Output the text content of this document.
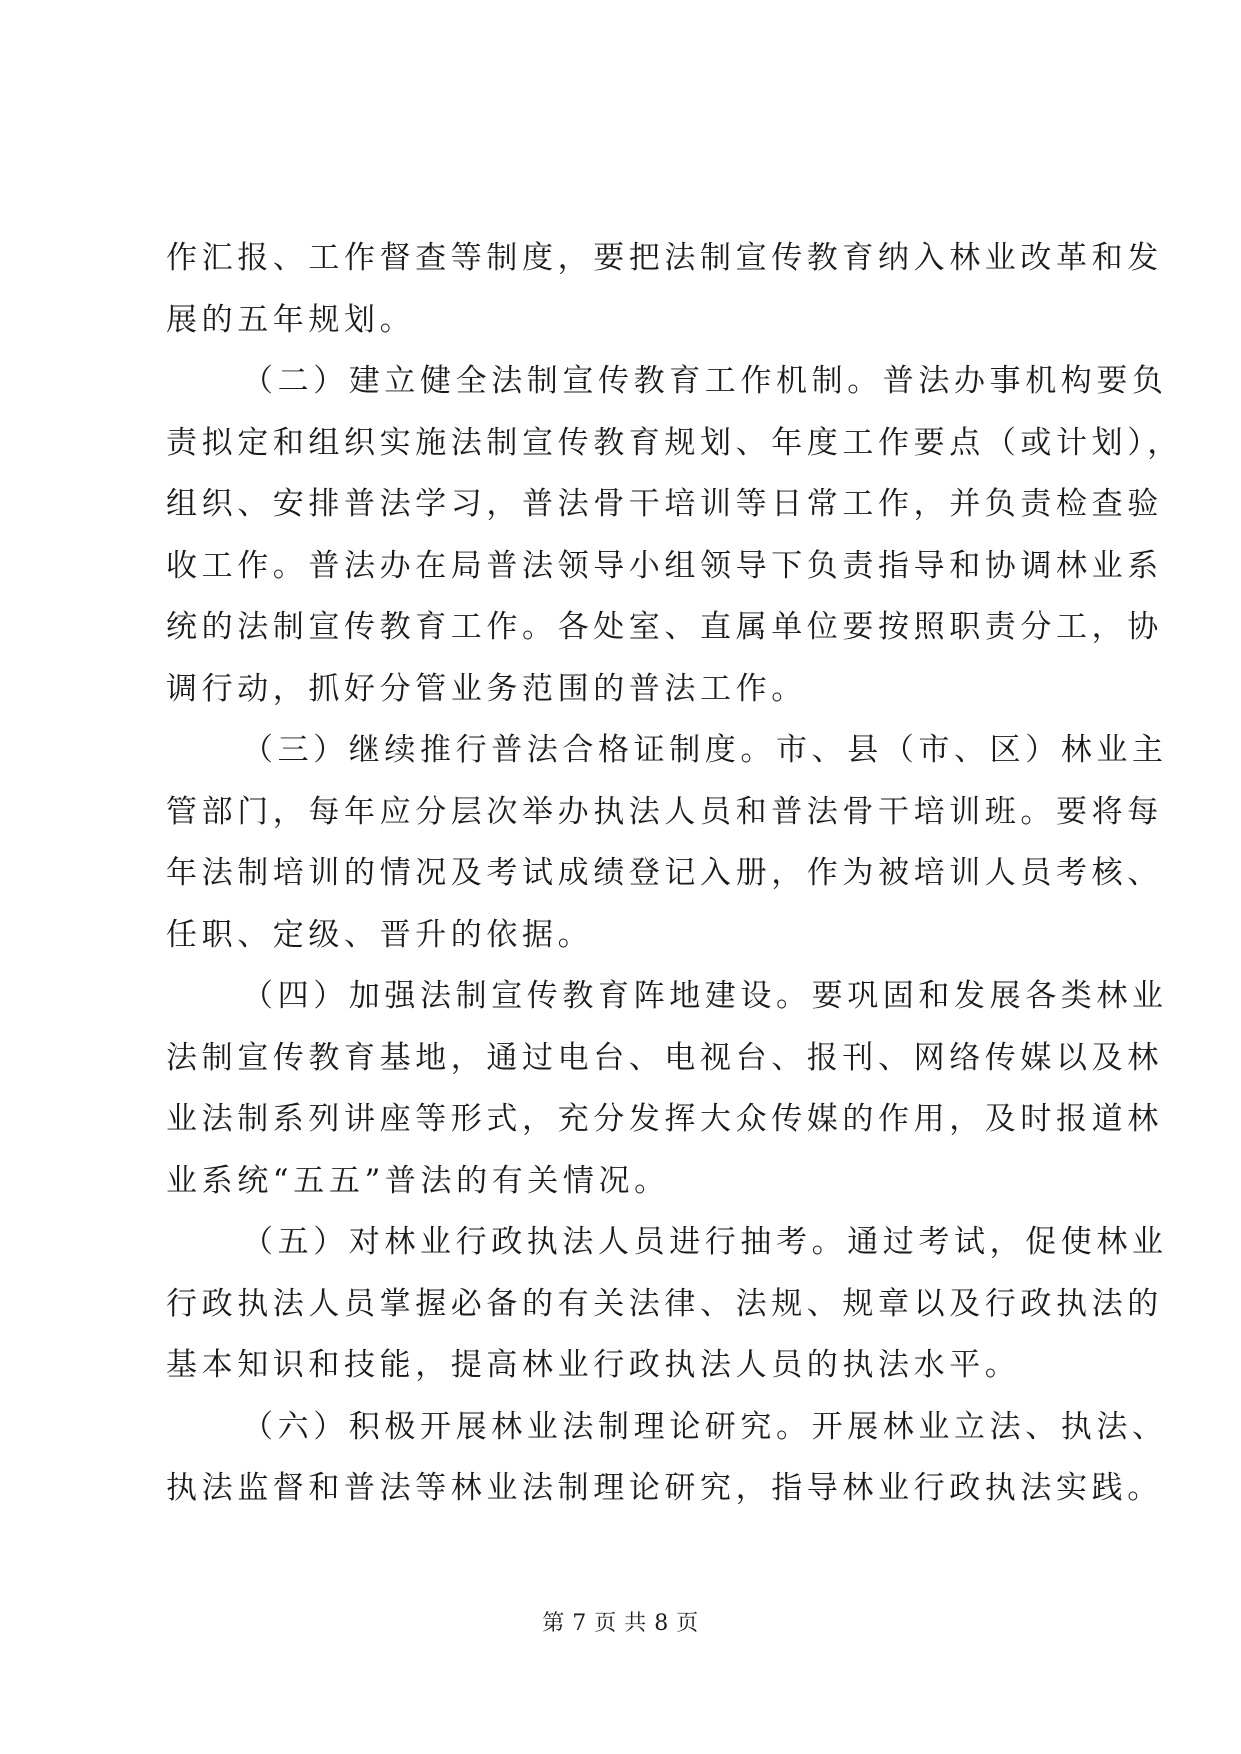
作汇报、工作督查等制度，要把法制宣传教育纳入林业改革和发
展的五年规划。
（二）建立健全法制宣传教育工作机制。普法办事机构要负
责拟定和组织实施法制宣传教育规划、年度工作要点（或计划），
组织、安排普法学习，普法骨干培训等日常工作，并负责检查验
收工作。普法办在局普法领导小组领导下负责指导和协调林业系
统的法制宣传教育工作。各处室、直属单位要按照职责分工，协
调行动，抓好分管业务范围的普法工作。
（三）继续推行普法合格证制度。市、县（市、区）林业主
管部门，每年应分层次举办执法人员和普法骨干培训班。要将每
年法制培训的情况及考试成绩登记入册，作为被培训人员考核、
任职、定级、晋升的依据。
（四）加强法制宣传教育阵地建设。要巩固和发展各类林业
法制宣传教育基地，通过电台、电视台、报刊、网络传媒以及林
业法制系列讲座等形式，充分发挥大众传媒的作用，及时报道林
业系统“五五”普法的有关情况。
（五）对林业行政执法人员进行抽考。通过考试，促使林业
行政执法人员掌握必备的有关法律、法规、规章以及行政执法的
基本知识和技能，提高林业行政执法人员的执法水平。
（六）积极开展林业法制理论研究。开展林业立法、执法、
执法监督和普法等林业法制理论研究，指导林业行政执法实践。
第 7 页 共 8 页
